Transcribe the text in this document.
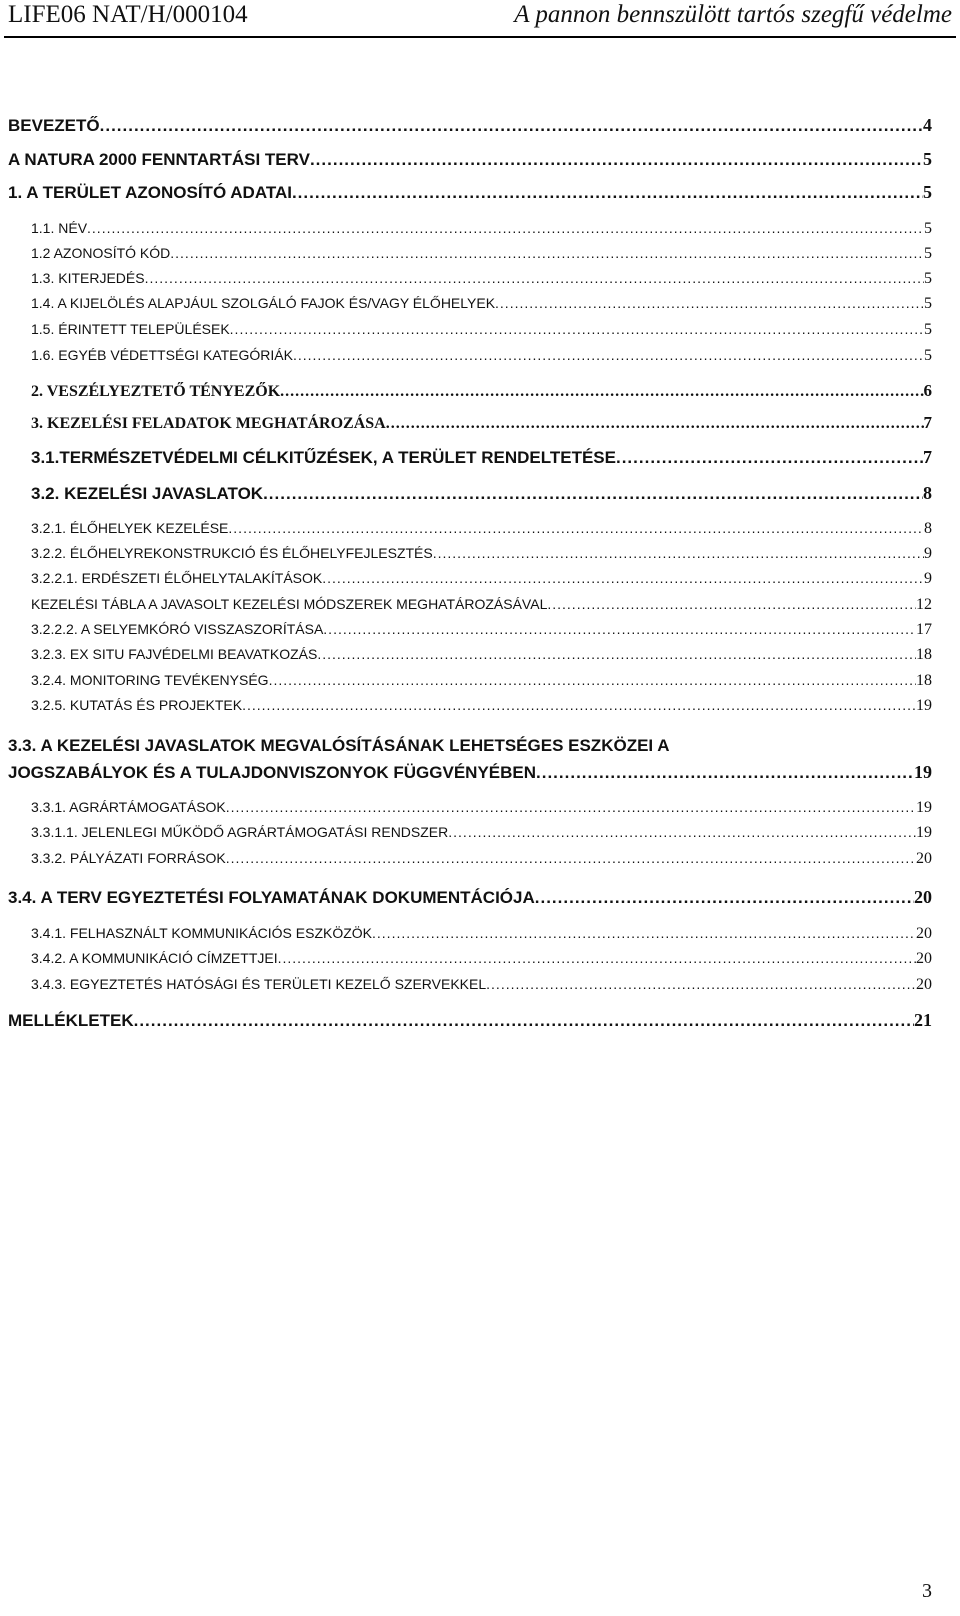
LIFE06 NAT/H/000104	A pannon bennszülött tartós szegfű védelme
BEVEZETŐ .....	4
A NATURA 2000 FENNTARTÁSI TERV .....	5
1. A TERÜLET AZONOSÍTÓ ADATAI .....	5
1.1. NÉV .....	5
1.2 AZONOSÍTÓ KÓD .....	5
1.3. KITERJEDÉS .....	5
1.4. A KIJELÖLÉS ALAPJÁUL SZOLGÁLÓ FAJOK ÉS/VAGY ÉLŐHELYEK .....	5
1.5. ÉRINTETT TELEPÜLÉSEK .....	5
1.6. EGYÉB VÉDETTSÉGI KATEGÓRIÁK .....	5
2. VESZÉLYEZTETŐ TÉNYEZŐK .....	6
3. KEZELÉSI FELADATOK MEGHATÁROZÁSA .....	7
3.1.TERMÉSZETVÉDELMI CÉLKITŰZÉSEK, A TERÜLET RENDELTETÉSE .....	7
3.2. KEZELÉSI JAVASLATOK .....	8
3.2.1. ÉLŐHELYEK KEZELÉSE .....	8
3.2.2. ÉLŐHELYREKONSTRUKCIÓ ÉS ÉLŐHELYFEJLESZTÉS .....	9
3.2.2.1. ERDÉSZETI ÉLŐHELYTALAKÍTÁSOK .....	9
KEZELÉSI TÁBLA A JAVASOLT KEZELÉSI MÓDSZEREK MEGHATÁROZÁSÁVAL .....	12
3.2.2.2. A SELYEMKÓRÓ VISSZASZORÍTÁSA .....	17
3.2.3. EX SITU FAJVÉDELMI BEAVATKOZÁS .....	18
3.2.4. MONITORING TEVÉKENYSÉG .....	18
3.2.5. KUTATÁS ÉS PROJEKTEK .....	19
3.3. A KEZELÉSI JAVASLATOK MEGVALÓSÍTÁSÁNAK LEHETSÉGES ESZKÖZEI A
JOGSZABÁLYOK ÉS A TULAJDONVISZONYOK FÜGGVÉNYÉBEN .....	19
3.3.1. AGRÁRTÁMOGATÁSOK .....	19
3.3.1.1. JELENLEGI MŰKÖDŐ AGRÁRTÁMOGATÁSI RENDSZER .....	19
3.3.2. PÁLYÁZATI FORRÁSOK .....	20
3.4. A TERV EGYEZTETÉSI FOLYAMATÁNAK DOKUMENTÁCIÓJA .....	20
3.4.1. FELHASZNÁLT KOMMUNIKÁCIÓS ESZKÖZÖK .....	20
3.4.2. A KOMMUNIKÁCIÓ CÍMZETTJEI .....	20
3.4.3. EGYEZTETÉS HATÓSÁGI ÉS TERÜLETI KEZELŐ SZERVEKKEL .....	20
MELLÉKLETEK .....	21
3
